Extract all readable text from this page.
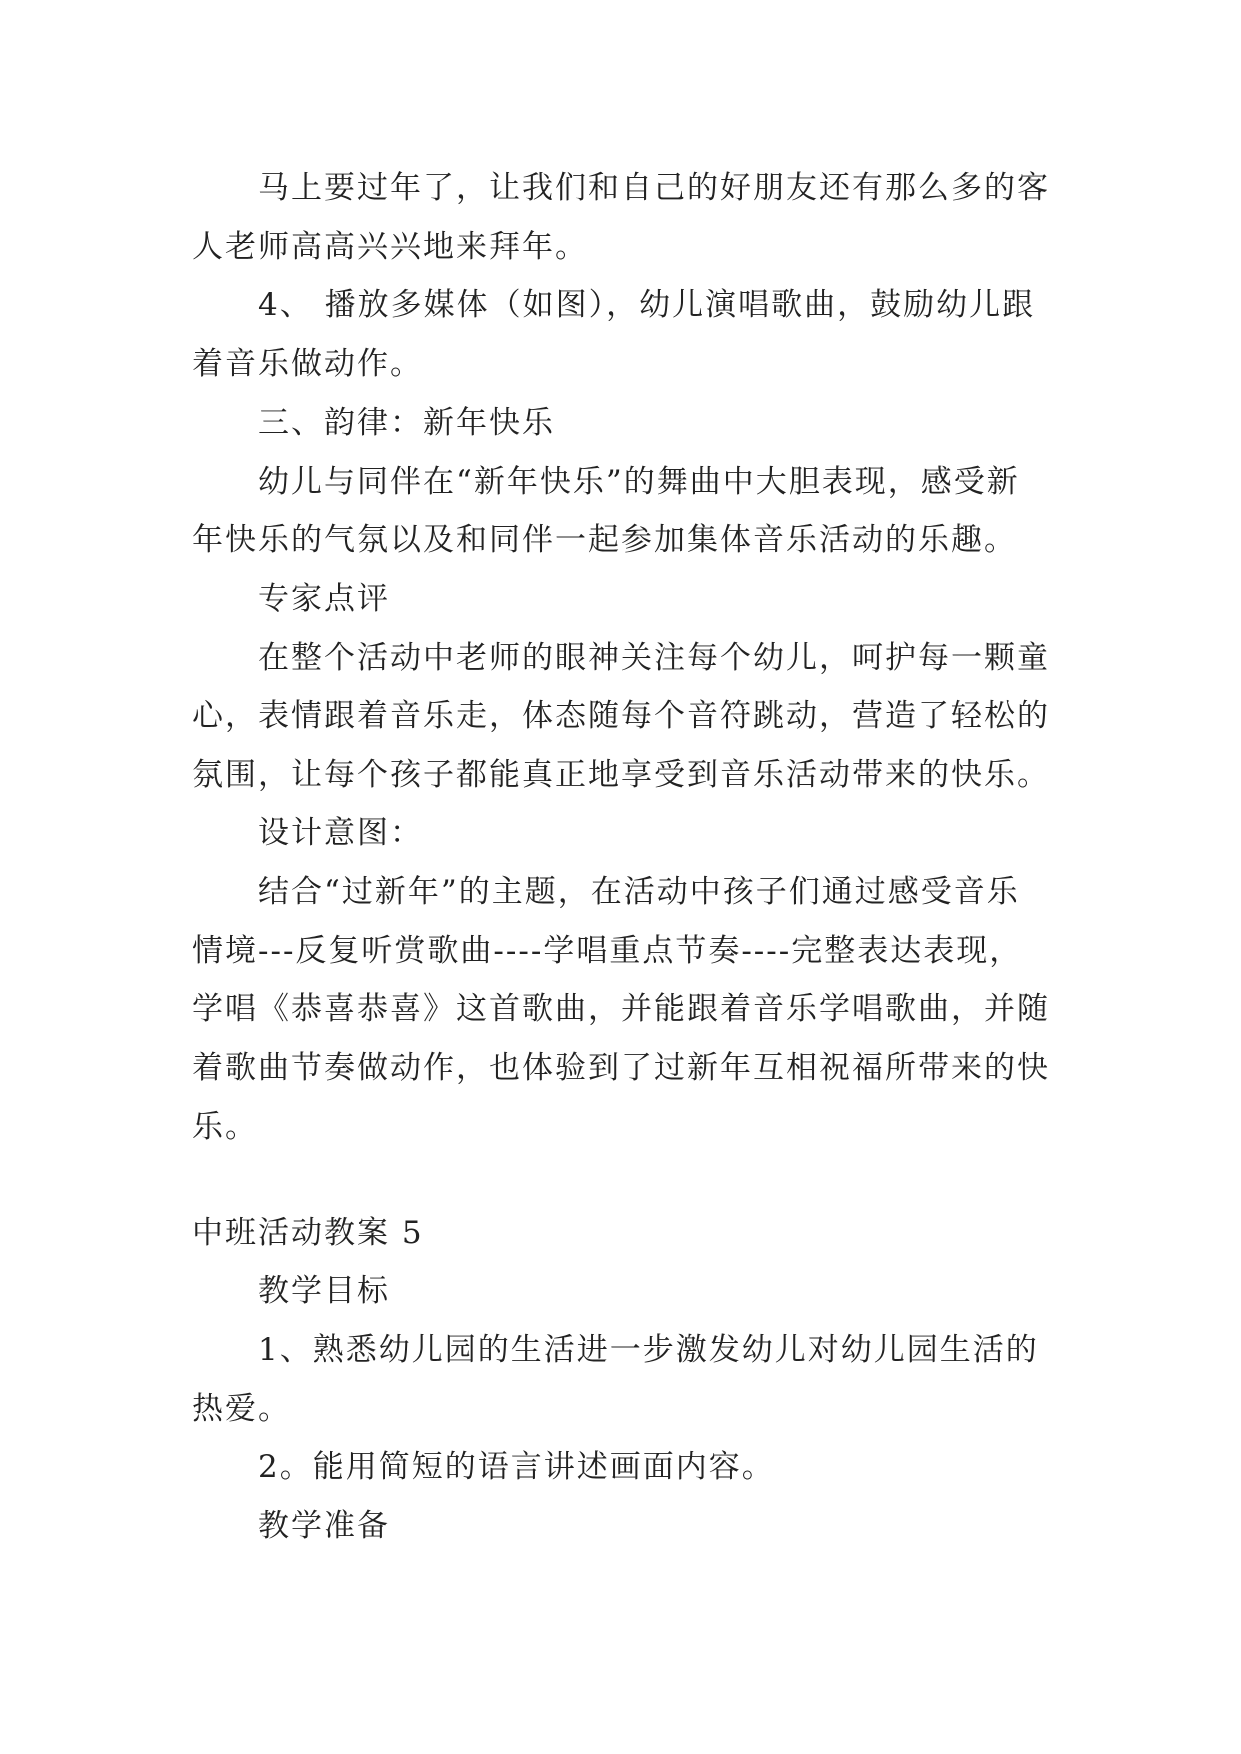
马上要过年了，让我们和自己的好朋友还有那么多的客
人老师高高兴兴地来拜年。
4、 播放多媒体（如图），幼儿演唱歌曲，鼓励幼儿跟
着音乐做动作。
三、韵律：新年快乐
幼儿与同伴在“新年快乐”的舞曲中大胆表现，感受新
年快乐的气氛以及和同伴一起参加集体音乐活动的乐趣。
专家点评
在整个活动中老师的眼神关注每个幼儿，呵护每一颗童
心，表情跟着音乐走，体态随每个音符跳动，营造了轻松的
氛围，让每个孩子都能真正地享受到音乐活动带来的快乐。
设计意图：
结合“过新年”的主题，在活动中孩子们通过感受音乐
情境---反复听赏歌曲----学唱重点节奏----完整表达表现，
学唱《恭喜恭喜》这首歌曲，并能跟着音乐学唱歌曲，并随
着歌曲节奏做动作，也体验到了过新年互相祝福所带来的快
乐。
中班活动教案 5
教学目标
1、熟悉幼儿园的生活进一步激发幼儿对幼儿园生活的
热爱。
2。能用简短的语言讲述画面内容。
教学准备
